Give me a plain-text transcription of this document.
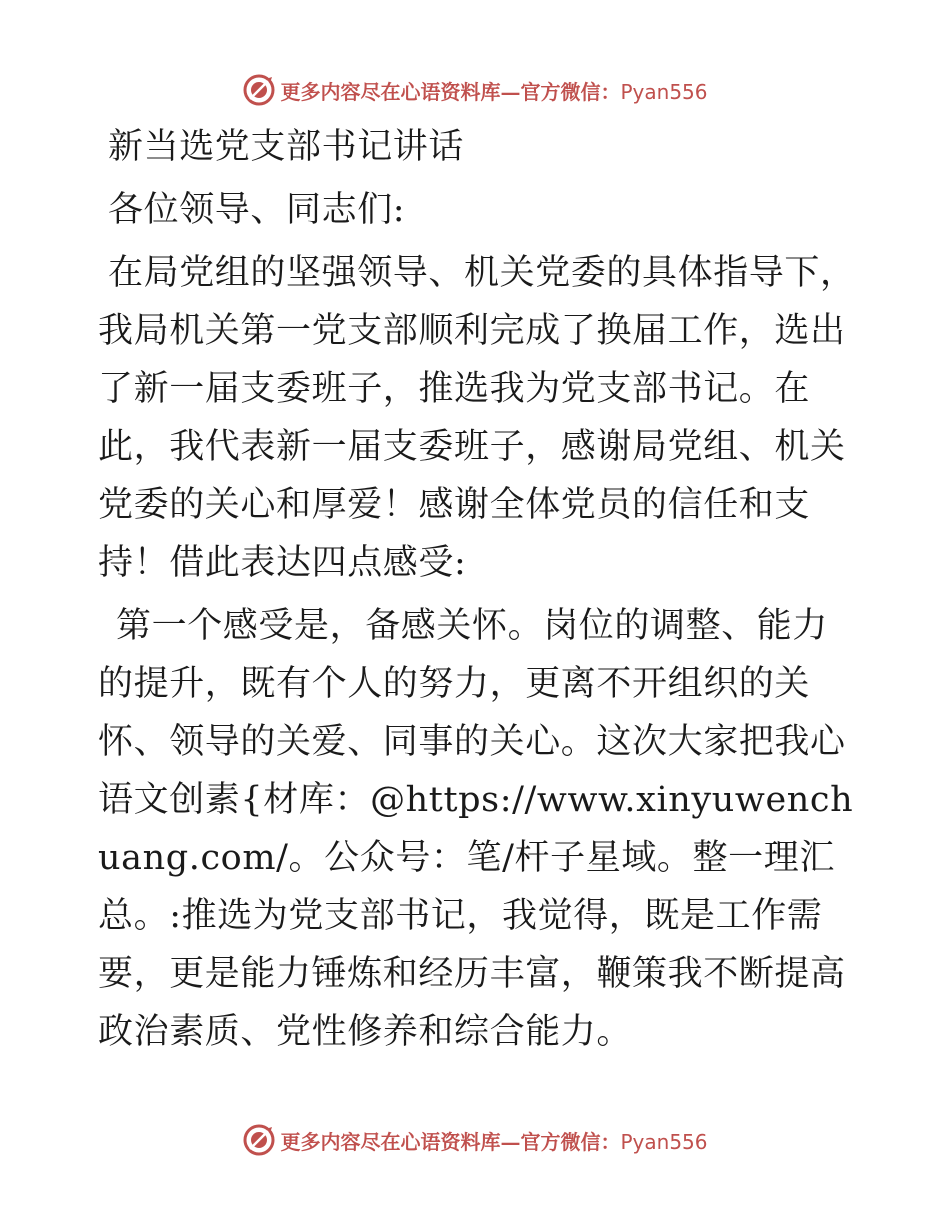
更多内容尽在心语资料库—官方微信：Pyan556

新当选党支部书记讲话

各位领导、同志们:

在局党组的坚强领导、机关党委的具体指导下，我局机关第一党支部顺利完成了换届工作，选出了新一届支委班子，推选我为党支部书记。在此，我代表新一届支委班子，感谢局党组、机关党委的关心和厚爱！感谢全体党员的信任和支持！借此表达四点感受:

第一个感受是，备感关怀。岗位的调整、能力的提升，既有个人的努力，更离不开组织的关怀、领导的关爱、同事的关心。这次大家把我心语文创素{材库：@https://www.xinyuwenchuang.com/。公众号：笔/杆子星域。整一理汇总。:推选为党支部书记，我觉得，既是工作需要，更是能力锤炼和经历丰富，鞭策我不断提高政治素质、党性修养和综合能力。

更多内容尽在心语资料库—官方微信：Pyan556
